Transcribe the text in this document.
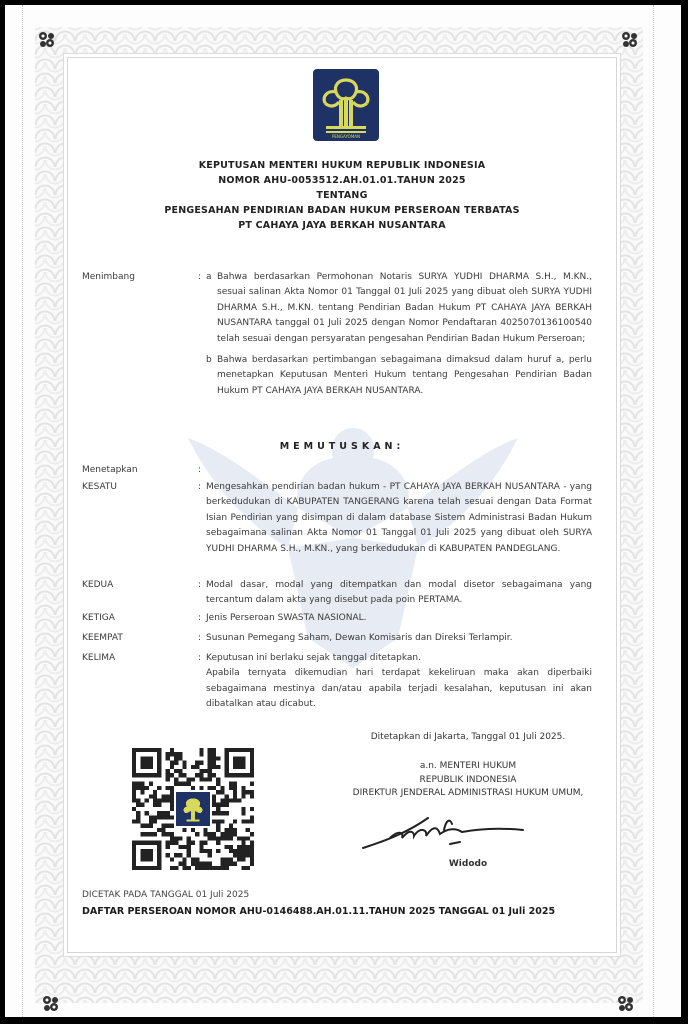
PENGAYOMAN
KEPUTUSAN MENTERI HUKUM REPUBLIK INDONESIA
NOMOR AHU-0053512.AH.01.01.TAHUN 2025
TENTANG
PENGESAHAN PENDIRIAN BADAN HUKUM PERSEROAN TERBATAS
PT CAHAYA JAYA BERKAH NUSANTARA
Menimbang	: a Bahwa berdasarkan Permohonan Notaris SURYA YUDHI DHARMA S.H., M.KN., sesuai salinan Akta Nomor 01 Tanggal 01 Juli 2025 yang dibuat oleh SURYA YUDHI DHARMA S.H., M.KN. tentang Pendirian Badan Hukum PT CAHAYA JAYA BERKAH NUSANTARA tanggal 01 Juli 2025 dengan Nomor Pendaftaran 4025070136100540 telah sesuai dengan persyaratan pengesahan Pendirian Badan Hukum Perseroan;
b Bahwa berdasarkan pertimbangan sebagaimana dimaksud dalam huruf a, perlu menetapkan Keputusan Menteri Hukum tentang Pengesahan Pendirian Badan Hukum PT CAHAYA JAYA BERKAH NUSANTARA.
MEMUTUSKAN:
Menetapkan	:
KESATU	: Mengesahkan pendirian badan hukum - PT CAHAYA JAYA BERKAH NUSANTARA - yang berkedudukan di KABUPATEN TANGERANG karena telah sesuai dengan Data Format Isian Pendirian yang disimpan di dalam database Sistem Administrasi Badan Hukum sebagaimana salinan Akta Nomor 01 Tanggal 01 Juli 2025 yang dibuat oleh SURYA YUDHI DHARMA S.H., M.KN., yang berkedudukan di KABUPATEN PANDEGLANG.
KEDUA	: Modal dasar, modal yang ditempatkan dan modal disetor sebagaimana yang tercantum dalam akta yang disebut pada poin PERTAMA.
KETIGA	: Jenis Perseroan SWASTA NASIONAL.
KEEMPAT	: Susunan Pemegang Saham, Dewan Komisaris dan Direksi Terlampir.
KELIMA	: Keputusan ini berlaku sejak tanggal ditetapkan.
Apabila ternyata dikemudian hari terdapat kekeliruan maka akan diperbaiki sebagaimana mestinya dan/atau apabila terjadi kesalahan, keputusan ini akan dibatalkan atau dicabut.
Ditetapkan di Jakarta, Tanggal 01 Juli 2025.
a.n. MENTERI HUKUM
REPUBLIK INDONESIA
DIREKTUR JENDERAL ADMINISTRASI HUKUM UMUM,
Widodo
DICETAK PADA TANGGAL 01 Juli 2025
DAFTAR PERSEROAN NOMOR AHU-0146488.AH.01.11.TAHUN 2025 TANGGAL 01 Juli 2025
